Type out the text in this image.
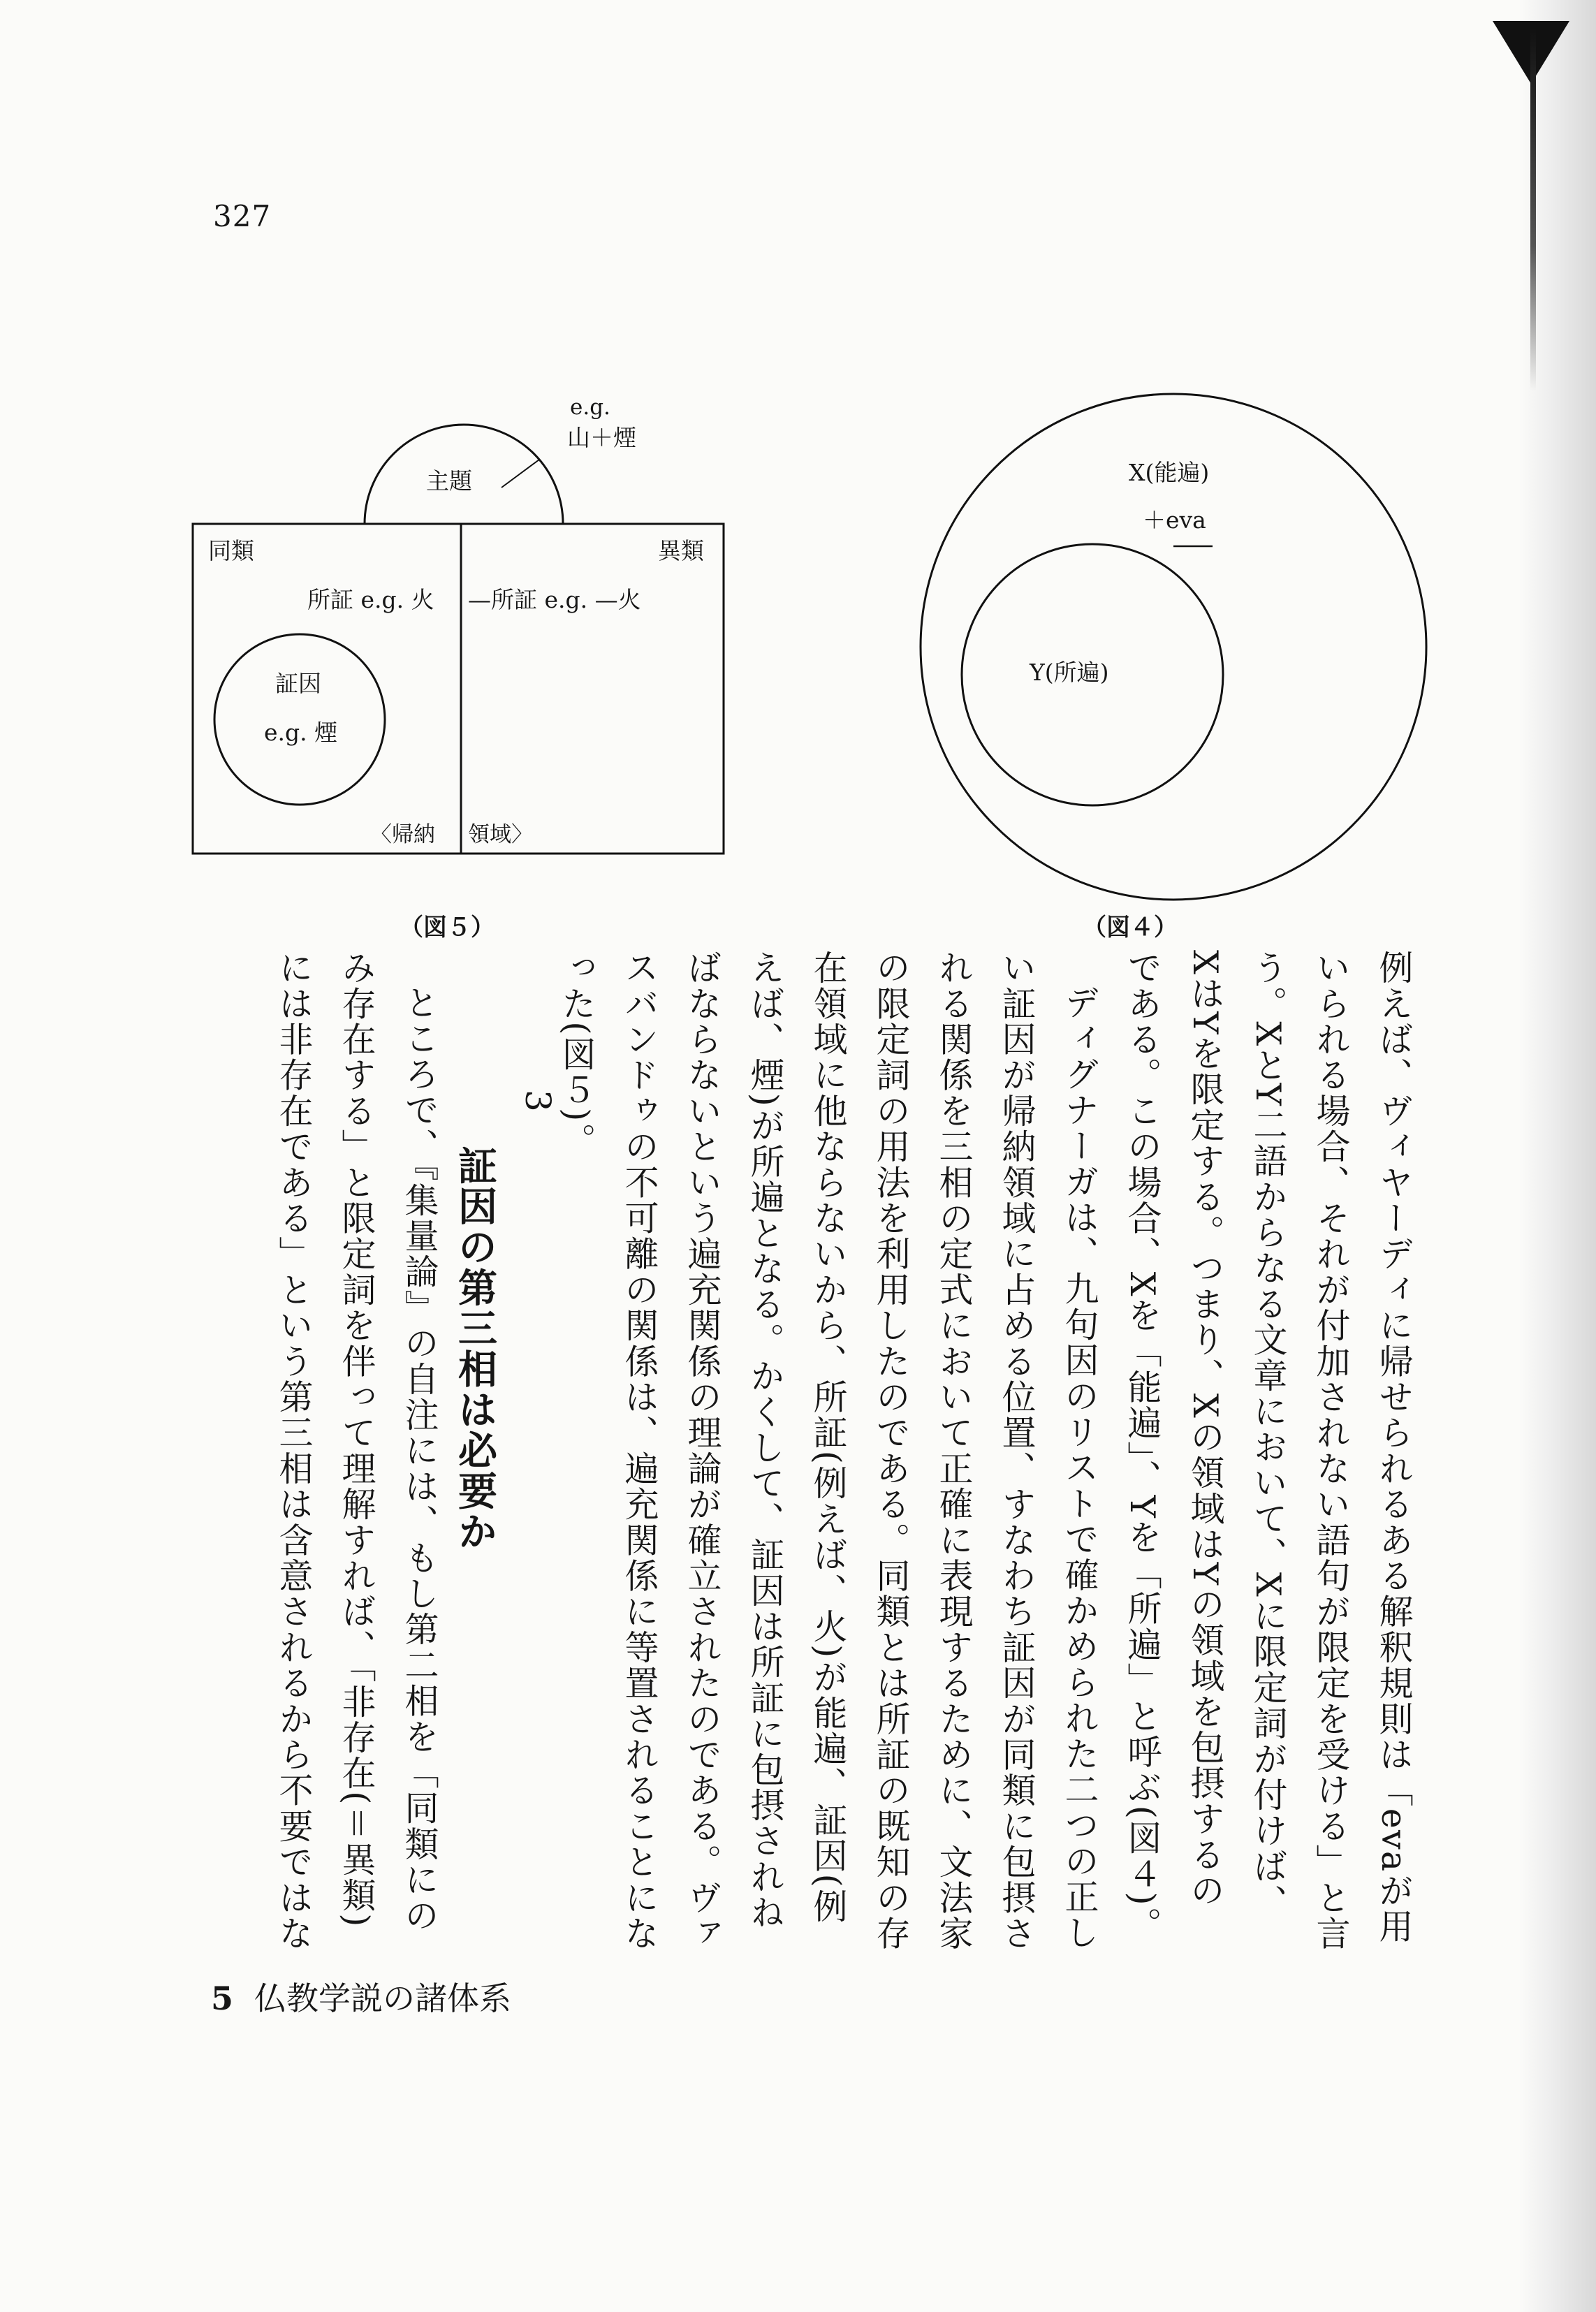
327
e.g.
山＋煙
主題
同類	異類
所証 e.g. 火 —所証 e.g. —火
証因
e.g. 煙
〈帰納 領域〉
（図５）
X(能遍)
＋eva
Y(所遍)
（図４）
例えば、ヴィヤーディに帰せられるある解釈規則は「evaが用
いられる場合、それが付加されない語句が限定を受ける」と言
う。XとY二語からなる文章において、Xに限定詞が付けば、
XはYを限定する。つまり、Xの領域はYの領域を包摂するの
である。この場合、Xを「能遍」、Yを「所遍」と呼ぶ(図４)。
ディグナーガは、九句因のリストで確かめられた二つの正し
い証因が帰納領域に占める位置、すなわち証因が同類に包摂さ
れる関係を三相の定式において正確に表現するために、文法家
の限定詞の用法を利用したのである。同類とは所証の既知の存
在領域に他ならないから、所証(例えば、火)が能遍、証因(例
えば、煙)が所遍となる。かくして、証因は所証に包摂されね
ばならないという遍充関係の理論が確立されたのである。ヴァ
スバンドゥの不可離の関係は、遍充関係に等置されることにな
った(図５)。
3
証因の第三相は必要か
ところで、『集量論』の自注には、もし第二相を「同類にの
み存在する」と限定詞を伴って理解すれば、「非存在(＝異類)
には非存在である」という第三相は含意されるから不要ではな
5 仏教学説の諸体系
